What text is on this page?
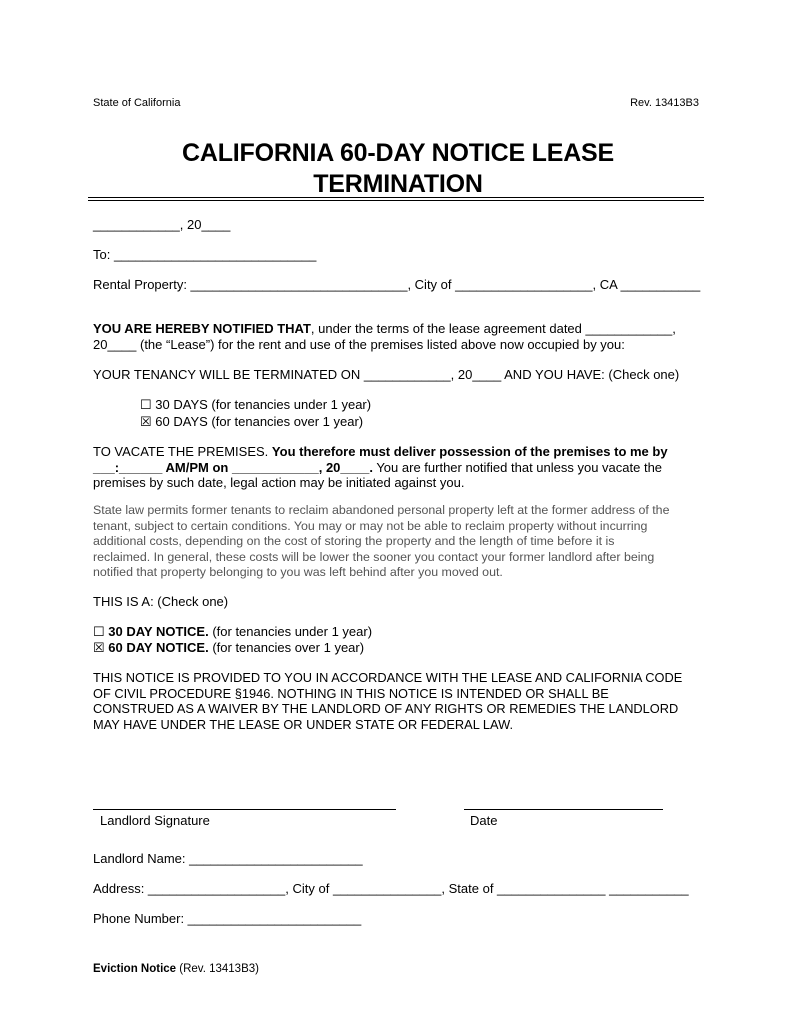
State of California	Rev. 13413B3
CALIFORNIA 60-DAY NOTICE LEASE
TERMINATION
____________, 20____
To: ____________________________
Rental Property: ______________________________, City of ___________________, CA ___________
YOU ARE HEREBY NOTIFIED THAT, under the terms of the lease agreement dated ____________,
20____ (the “Lease”) for the rent and use of the premises listed above now occupied by you:
YOUR TENANCY WILL BE TERMINATED ON ____________, 20____ AND YOU HAVE: (Check one)
☐ 30 DAYS (for tenancies under 1 year)
☒ 60 DAYS (for tenancies over 1 year)
TO VACATE THE PREMISES. You therefore must deliver possession of the premises to me by
___:______ AM/PM on ____________, 20____. You are further notified that unless you vacate the
premises by such date, legal action may be initiated against you.
State law permits former tenants to reclaim abandoned personal property left at the former address of the
tenant, subject to certain conditions. You may or may not be able to reclaim property without incurring
additional costs, depending on the cost of storing the property and the length of time before it is
reclaimed. In general, these costs will be lower the sooner you contact your former landlord after being
notified that property belonging to you was left behind after you moved out.
THIS IS A: (Check one)
☐ 30 DAY NOTICE. (for tenancies under 1 year)
☒ 60 DAY NOTICE. (for tenancies over 1 year)
THIS NOTICE IS PROVIDED TO YOU IN ACCORDANCE WITH THE LEASE AND CALIFORNIA CODE
OF CIVIL PROCEDURE §1946. NOTHING IN THIS NOTICE IS INTENDED OR SHALL BE
CONSTRUED AS A WAIVER BY THE LANDLORD OF ANY RIGHTS OR REMEDIES THE LANDLORD
MAY HAVE UNDER THE LEASE OR UNDER STATE OR FEDERAL LAW.
Landlord Signature	Date
Landlord Name: ________________________
Address: ___________________, City of _______________, State of _______________ ___________
Phone Number: ________________________
Eviction Notice (Rev. 13413B3)
